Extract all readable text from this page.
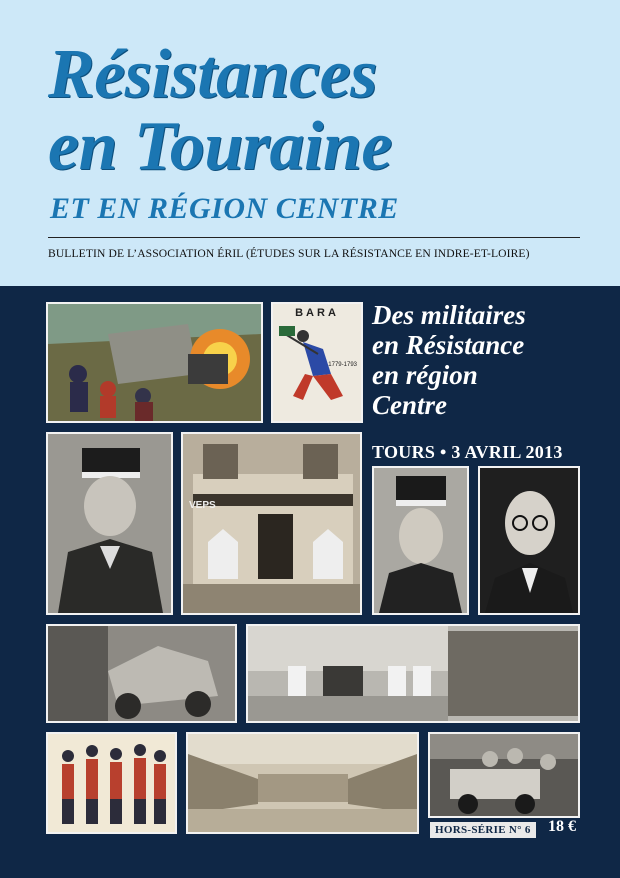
Résistances
en Touraine
ET EN RÉGION CENTRE
BULLETIN DE L’ASSOCIATION ÉRIL (ÉTUDES SUR LA RÉSISTANCE EN INDRE-ET-LOIRE)
BARA
1779-1793
Des militaires
en Résistance
en région
Centre
TOURS • 3 AVRIL 2013
VEPS
HORS-SÉRIE N° 6	18 €
